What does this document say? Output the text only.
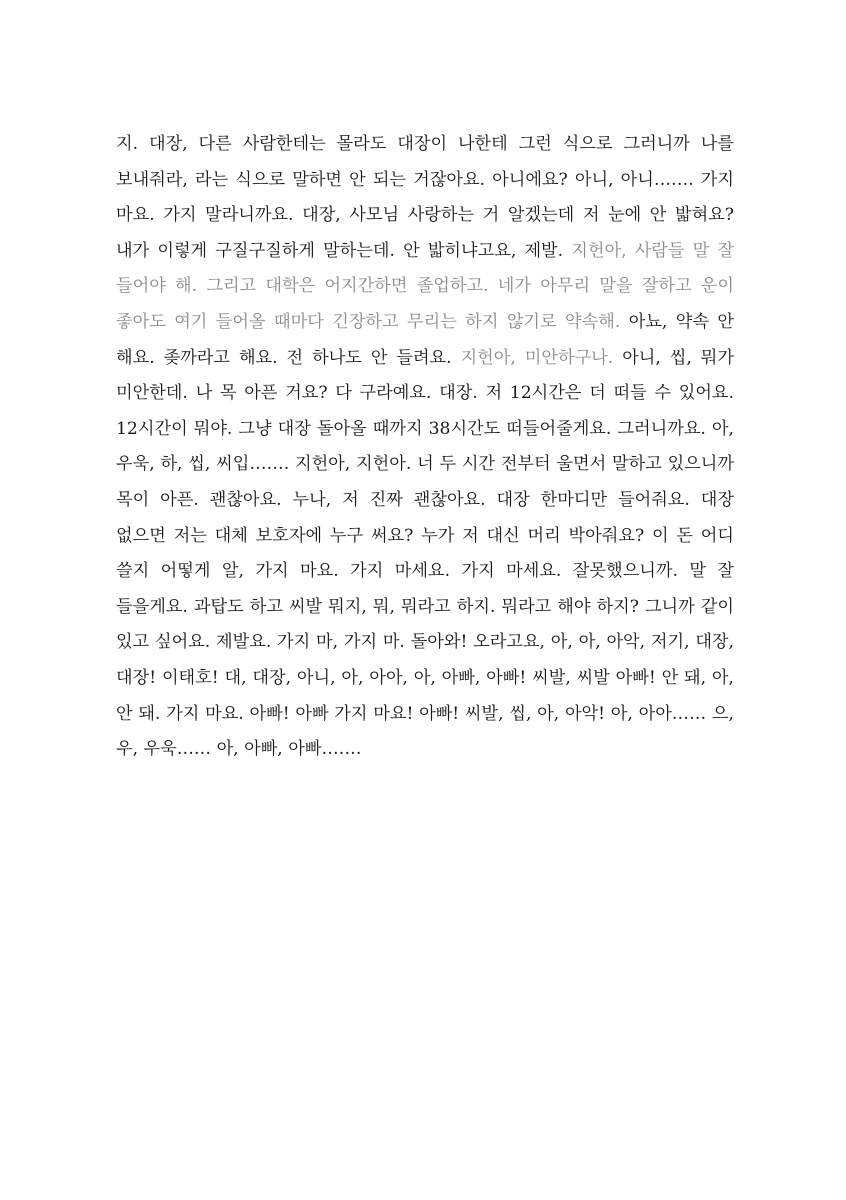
지. 대장, 다른 사람한테는 몰라도 대장이 나한테 그런 식으로 그러니까 나를 보내줘라, 라는 식으로 말하면 안 되는 거잖아요. 아니에요? 아니, 아니……. 가지 마요. 가지 말라니까요. 대장, 사모님 사랑하는 거 알겠는데 저 눈에 안 밟혀요? 내가 이렇게 구질구질하게 말하는데. 안 밟히냐고요, 제발. 지헌아, 사람들 말 잘 들어야 해. 그리고 대학은 어지간하면 졸업하고. 네가 아무리 말을 잘하고 운이 좋아도 여기 들어올 때마다 긴장하고 무리는 하지 않기로 약속해. 아뇨, 약속 안 해요. 좆까라고 해요. 전 하나도 안 들려요. 지헌아, 미안하구나. 아니, 씹, 뭐가 미안한데. 나 목 아픈 거요? 다 구라예요. 대장. 저 12시간은 더 떠들 수 있어요. 12시간이 뭐야. 그냥 대장 돌아올 때까지 38시간도 떠들어줄게요. 그러니까요. 아, 우욱, 하, 씹, 씨입……. 지헌아, 지헌아. 너 두 시간 전부터 울면서 말하고 있으니까 목이 아픈. 괜찮아요. 누나, 저 진짜 괜찮아요. 대장 한마디만 들어줘요. 대장 없으면 저는 대체 보호자에 누구 써요? 누가 저 대신 머리 박아줘요? 이 돈 어디 쓸지 어떻게 알, 가지 마요. 가지 마세요. 가지 마세요. 잘못했으니까. 말 잘 들을게요. 과탑도 하고 씨발 뭐지, 뭐, 뭐라고 하지. 뭐라고 해야 하지? 그니까 같이 있고 싶어요. 제발요. 가지 마, 가지 마. 돌아와! 오라고요, 아, 아, 아악, 저기, 대장, 대장! 이태호! 대, 대장, 아니, 아, 아아, 아, 아빠, 아빠! 씨발, 씨발 아빠! 안 돼, 아, 안 돼. 가지 마요. 아빠! 아빠 가지 마요! 아빠! 씨발, 씹, 아, 아악! 아, 아아…… 으, 우, 우욱…… 아, 아빠, 아빠…….
